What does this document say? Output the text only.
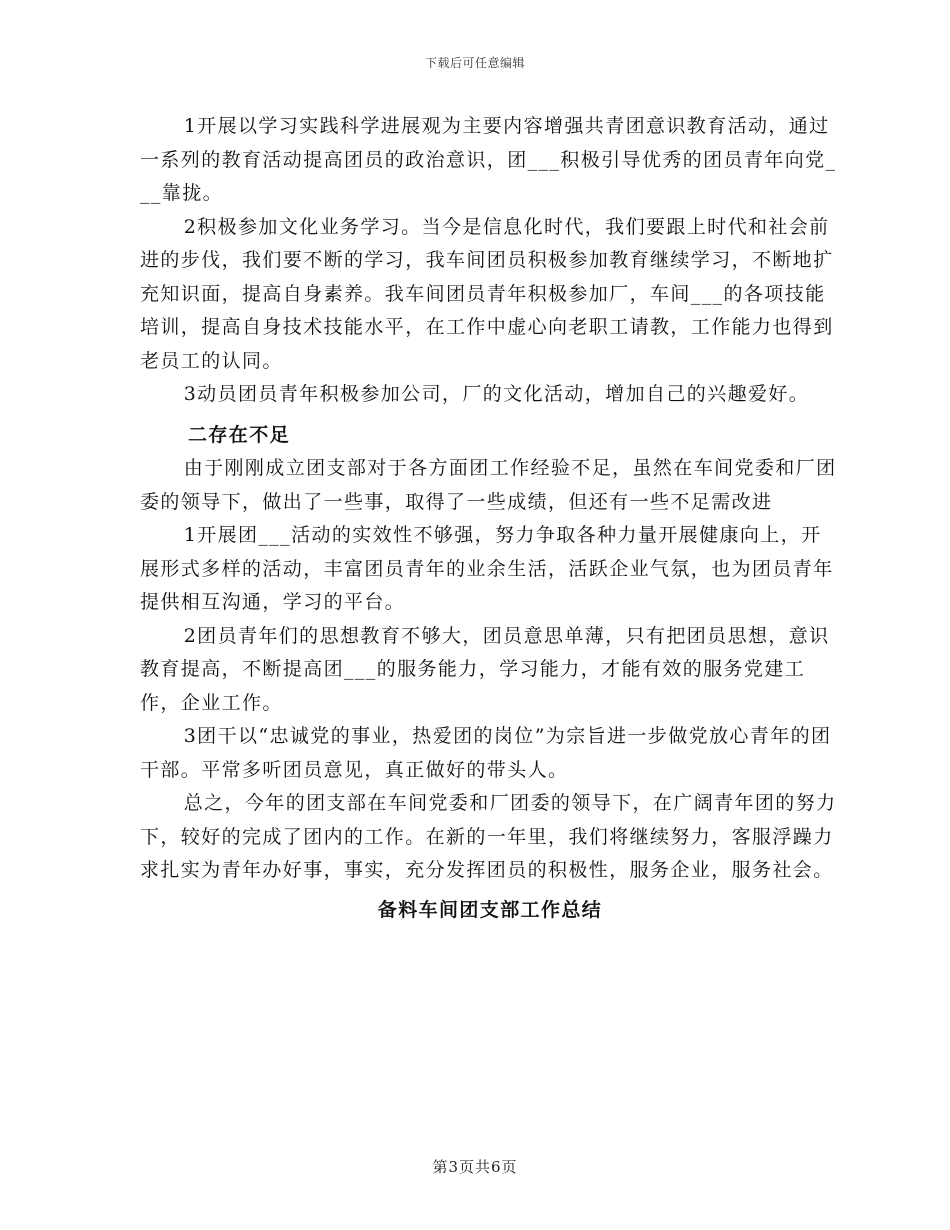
下载后可任意编辑

1开展以学习实践科学进展观为主要内容增强共青团意识教育活动，通过一系列的教育活动提高团员的政治意识，团___积极引导优秀的团员青年向党___靠拢。

2积极参加文化业务学习。当今是信息化时代，我们要跟上时代和社会前进的步伐，我们要不断的学习，我车间团员积极参加教育继续学习，不断地扩充知识面，提高自身素养。我车间团员青年积极参加厂，车间___的各项技能培训，提高自身技术技能水平，在工作中虚心向老职工请教，工作能力也得到老员工的认同。

3动员团员青年积极参加公司，厂的文化活动，增加自己的兴趣爱好。

二存在不足

由于刚刚成立团支部对于各方面团工作经验不足，虽然在车间党委和厂团委的领导下，做出了一些事，取得了一些成绩，但还有一些不足需改进

1开展团___活动的实效性不够强，努力争取各种力量开展健康向上，开展形式多样的活动，丰富团员青年的业余生活，活跃企业气氛，也为团员青年提供相互沟通，学习的平台。

2团员青年们的思想教育不够大，团员意思单薄，只有把团员思想，意识教育提高，不断提高团___的服务能力，学习能力，才能有效的服务党建工作，企业工作。

3团干以“忠诚党的事业，热爱团的岗位”为宗旨进一步做党放心青年的团干部。平常多听团员意见，真正做好的带头人。

总之，今年的团支部在车间党委和厂团委的领导下，在广阔青年团的努力下，较好的完成了团内的工作。在新的一年里，我们将继续努力，客服浮躁力求扎实为青年办好事，事实，充分发挥团员的积极性，服务企业，服务社会。

备料车间团支部工作总结

第3页共6页
